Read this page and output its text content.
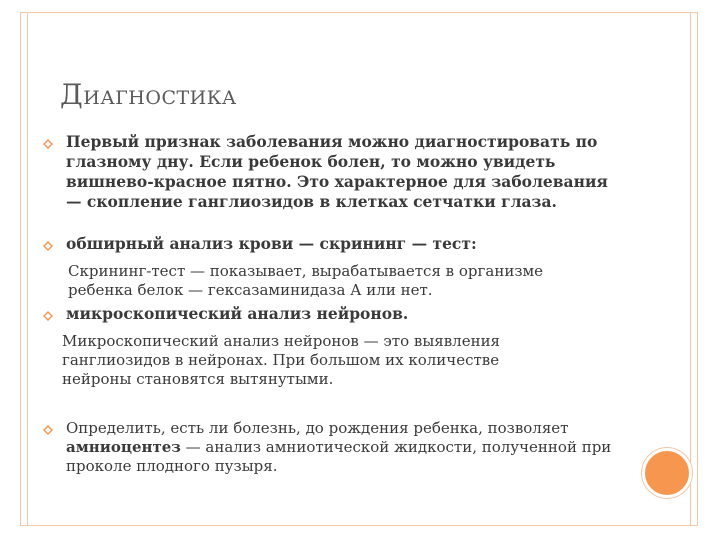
ДИАГНОСТИКА
Первый признак заболевания можно диагностировать по глазному дну. Если ребенок болен, то можно увидеть вишнево-красное пятно. Это характерное для заболевания — скопление ганглиозидов в клетках сетчатки глаза.
обширный анализ крови — скрининг — тест:
Скрининг-тест — показывает, вырабатывается в организме ребенка белок — гексазаминидаза А или нет.
микроскопический анализ нейронов.
Микроскопический анализ нейронов — это выявления ганглиозидов в нейронах. При большом их количестве нейроны становятся вытянутыми.
Определить, есть ли болезнь, до рождения ребенка, позволяет амниоцентез — анализ амниотической жидкости, полученной при проколе плодного пузыря.
